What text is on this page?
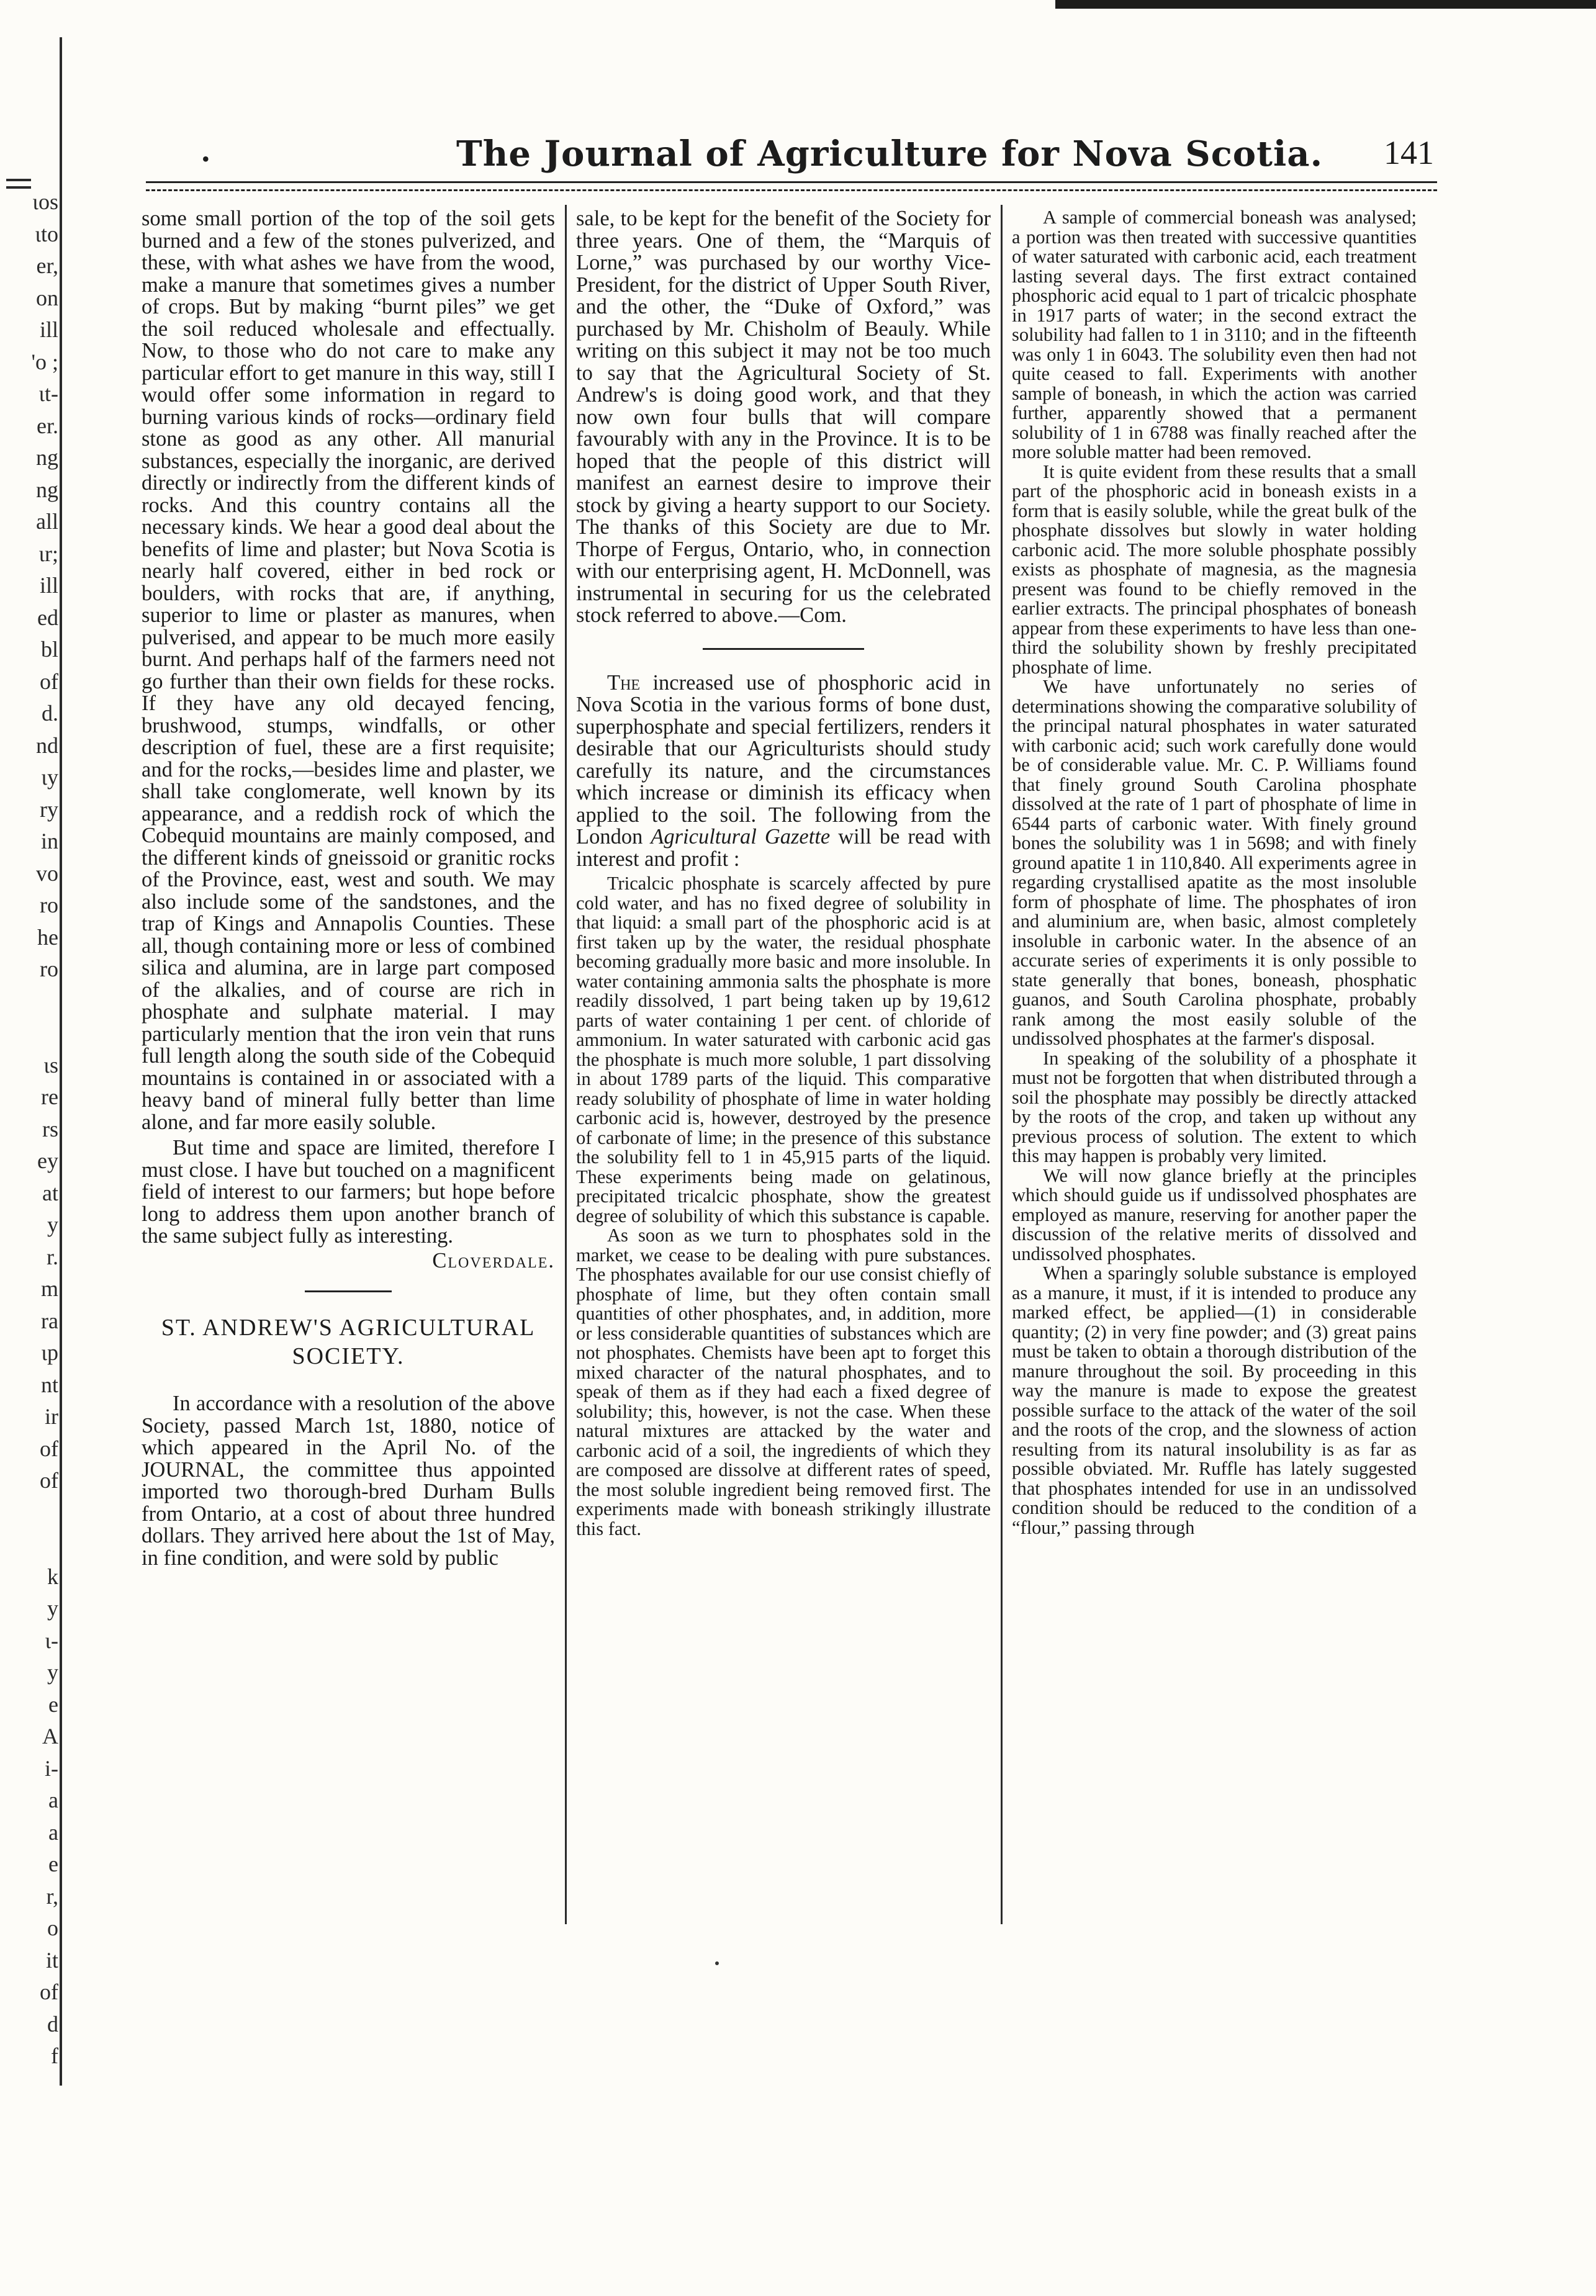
ιos
ιto
er,
on
ill
'o ;
ιt-
er.
ng
ng
all
ιr;
ill
ed
bl
of
d.
nd
ιy
ry
in
vo
ro
he
ro

ιs
re
rs
ey
at
y
r.
m
ra
ιp
nt
ir
of
of

k
y
ι-
y
e
A
i-
a
a
e
r,
o
it
of
d
f

•	The Journal of Agriculture for Nova Scotia. 141

some small portion of the top of the soil gets burned and a few of the stones pulverized, and these, with what ashes we have from the wood, make a manure that sometimes gives a number of crops. But by making “burnt piles” we get the soil reduced wholesale and effectually. Now, to those who do not care to make any particular effort to get manure in this way, still I would offer some information in regard to burning various kinds of rocks—ordinary field stone as good as any other. All manurial substances, especially the inorganic, are derived directly or indirectly from the different kinds of rocks. And this country contains all the necessary kinds. We hear a good deal about the benefits of lime and plaster; but Nova Scotia is nearly half covered, either in bed rock or boulders, with rocks that are, if anything, superior to lime or plaster as manures, when pulverised, and appear to be much more easily burnt. And perhaps half of the farmers need not go further than their own fields for these rocks. If they have any old decayed fencing, brushwood, stumps, windfalls, or other description of fuel, these are a first requisite; and for the rocks,—besides lime and plaster, we shall take conglomerate, well known by its appearance, and a reddish rock of which the Cobequid mountains are mainly composed, and the different kinds of gneissoid or granitic rocks of the Province, east, west and south. We may also include some of the sandstones, and the trap of Kings and Annapolis Counties. These all, though containing more or less of combined silica and alumina, are in large part composed of the alkalies, and of course are rich in phosphate and sulphate material. I may particularly mention that the iron vein that runs full length along the south side of the Cobequid mountains is contained in or associated with a heavy band of mineral fully better than lime alone, and far more easily soluble.

But time and space are limited, therefore I must close. I have but touched on a magnificent field of interest to our farmers; but hope before long to address them upon another branch of the same subject fully as interesting.

Cloverdale.

ST. ANDREW'S AGRICULTURAL SOCIETY.

In accordance with a resolution of the above Society, passed March 1st, 1880, notice of which appeared in the April No. of the JOURNAL, the committee thus appointed imported two thorough-bred Durham Bulls from Ontario, at a cost of about three hundred dollars. They arrived here about the 1st of May, in fine condition, and were sold by public

sale, to be kept for the benefit of the Society for three years. One of them, the “Marquis of Lorne,” was purchased by our worthy Vice-President, for the district of Upper South River, and the other, the “Duke of Oxford,” was purchased by Mr. Chisholm of Beauly. While writing on this subject it may not be too much to say that the Agricultural Society of St. Andrew's is doing good work, and that they now own four bulls that will compare favourably with any in the Province. It is to be hoped that the people of this district will manifest an earnest desire to improve their stock by giving a hearty support to our Society. The thanks of this Society are due to Mr. Thorpe of Fergus, Ontario, who, in connection with our enterprising agent, H. McDonnell, was instrumental in securing for us the celebrated stock referred to above.—Com.

The increased use of phosphoric acid in Nova Scotia in the various forms of bone dust, superphosphate and special fertilizers, renders it desirable that our Agriculturists should study carefully its nature, and the circumstances which increase or diminish its efficacy when applied to the soil. The following from the London Agricultural Gazette will be read with interest and profit :

Tricalcic phosphate is scarcely affected by pure cold water, and has no fixed degree of solubility in that liquid: a small part of the phosphoric acid is at first taken up by the water, the residual phosphate becoming gradually more basic and more insoluble. In water containing ammonia salts the phosphate is more readily dissolved, 1 part being taken up by 19,612 parts of water containing 1 per cent. of chloride of ammonium. In water saturated with carbonic acid gas the phosphate is much more soluble, 1 part dissolving in about 1789 parts of the liquid. This comparative ready solubility of phosphate of lime in water holding carbonic acid is, however, destroyed by the presence of carbonate of lime; in the presence of this substance the solubility fell to 1 in 45,915 parts of the liquid. These experiments being made on gelatinous, precipitated tricalcic phosphate, show the greatest degree of solubility of which this substance is capable.

As soon as we turn to phosphates sold in the market, we cease to be dealing with pure substances. The phosphates available for our use consist chiefly of phosphate of lime, but they often contain small quantities of other phosphates, and, in addition, more or less considerable quantities of substances which are not phosphates. Chemists have been apt to forget this mixed character of the natural phosphates, and to speak of them as if they had each a fixed degree of solubility; this, however, is not the case. When these natural mixtures are attacked by the water and carbonic acid of a soil, the ingredients of which they are composed are dissolve at different rates of speed, the most soluble ingredient being removed first. The experiments made with boneash strikingly illustrate this fact.

A sample of commercial boneash was analysed; a portion was then treated with successive quantities of water saturated with carbonic acid, each treatment lasting several days. The first extract contained phosphoric acid equal to 1 part of tricalcic phosphate in 1917 parts of water; in the second extract the solubility had fallen to 1 in 3110; and in the fifteenth was only 1 in 6043. The solubility even then had not quite ceased to fall. Experiments with another sample of boneash, in which the action was carried further, apparently showed that a permanent solubility of 1 in 6788 was finally reached after the more soluble matter had been removed.

It is quite evident from these results that a small part of the phosphoric acid in boneash exists in a form that is easily soluble, while the great bulk of the phosphate dissolves but slowly in water holding carbonic acid. The more soluble phosphate possibly exists as phosphate of magnesia, as the magnesia present was found to be chiefly removed in the earlier extracts. The principal phosphates of boneash appear from these experiments to have less than one-third the solubility shown by freshly precipitated phosphate of lime.

We have unfortunately no series of determinations showing the comparative solubility of the principal natural phosphates in water saturated with carbonic acid; such work carefully done would be of considerable value. Mr. C. P. Williams found that finely ground South Carolina phosphate dissolved at the rate of 1 part of phosphate of lime in 6544 parts of carbonic water. With finely ground bones the solubility was 1 in 5698; and with finely ground apatite 1 in 110,840. All experiments agree in regarding crystallised apatite as the most insoluble form of phosphate of lime. The phosphates of iron and aluminium are, when basic, almost completely insoluble in carbonic water. In the absence of an accurate series of experiments it is only possible to state generally that bones, boneash, phosphatic guanos, and South Carolina phosphate, probably rank among the most easily soluble of the undissolved phosphates at the farmer's disposal.

In speaking of the solubility of a phosphate it must not be forgotten that when distributed through a soil the phosphate may possibly be directly attacked by the roots of the crop, and taken up without any previous process of solution. The extent to which this may happen is probably very limited.

We will now glance briefly at the principles which should guide us if undissolved phosphates are employed as manure, reserving for another paper the discussion of the relative merits of dissolved and undissolved phosphates.

When a sparingly soluble substance is employed as a manure, it must, if it is intended to produce any marked effect, be applied—(1) in considerable quantity; (2) in very fine powder; and (3) great pains must be taken to obtain a thorough distribution of the manure throughout the soil. By proceeding in this way the manure is made to expose the greatest possible surface to the attack of the water of the soil and the roots of the crop, and the slowness of action resulting from its natural insolubility is as far as possible obviated. Mr. Ruffle has lately suggested that phosphates intended for use in an undissolved condition should be reduced to the condition of a “flour,” passing through
